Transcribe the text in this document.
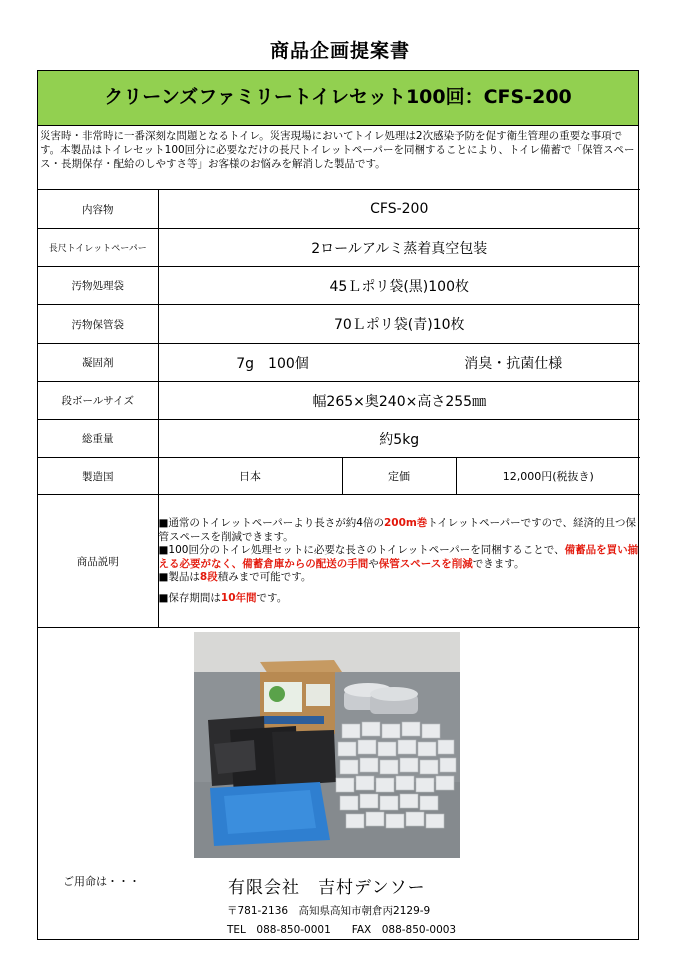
商品企画提案書
クリーンズファミリートイレセット100回：CFS-200
災害時・非常時に一番深刻な問題となるトイレ。災害現場においてトイレ処理は2次感染予防を促す衛生管理の重要な事項です。本製品はトイレセット100回分に必要なだけの長尺トイレットペーパーを同梱することにより、トイレ備蓄で「保管スペース・長期保存・配給のしやすさ等」お客様のお悩みを解消した製品です。
内容物	CFS-200		
長尺トイレットペーパー	2ロールアルミ蒸着真空包装		
汚物処理袋	45Ｌポリ袋(黒)100枚		
汚物保管袋	70Ｌポリ袋(青)10枚		
凝固剤	7g　100個 消臭・抗菌仕様		

段ボールサイズ	幅265×奥240×高さ255㎜		
総重量	約5kg		
製造国	日本	定価	12,000円(税抜き)
商品説明	■通常のトイレットペーパーより長さが約4倍の200m巻トイレットペーパーですので、経済的且つ保管スペースを削減できます。

■100回分のトイレ処理セットに必要な長さのトイレットペーパーを同梱することで、備蓄品を買い揃える必要がなく、備蓄倉庫からの配送の手間や保管スペースを削減できます。

■製品は8段積みまで可能です。

■保存期間は10年間です。		

ご用命は・・・	有限会社　吉村デンソー
〒781-2136　高知県高知市朝倉丙2129-9
TEL　088-850-0001　　FAX　088-850-0003
